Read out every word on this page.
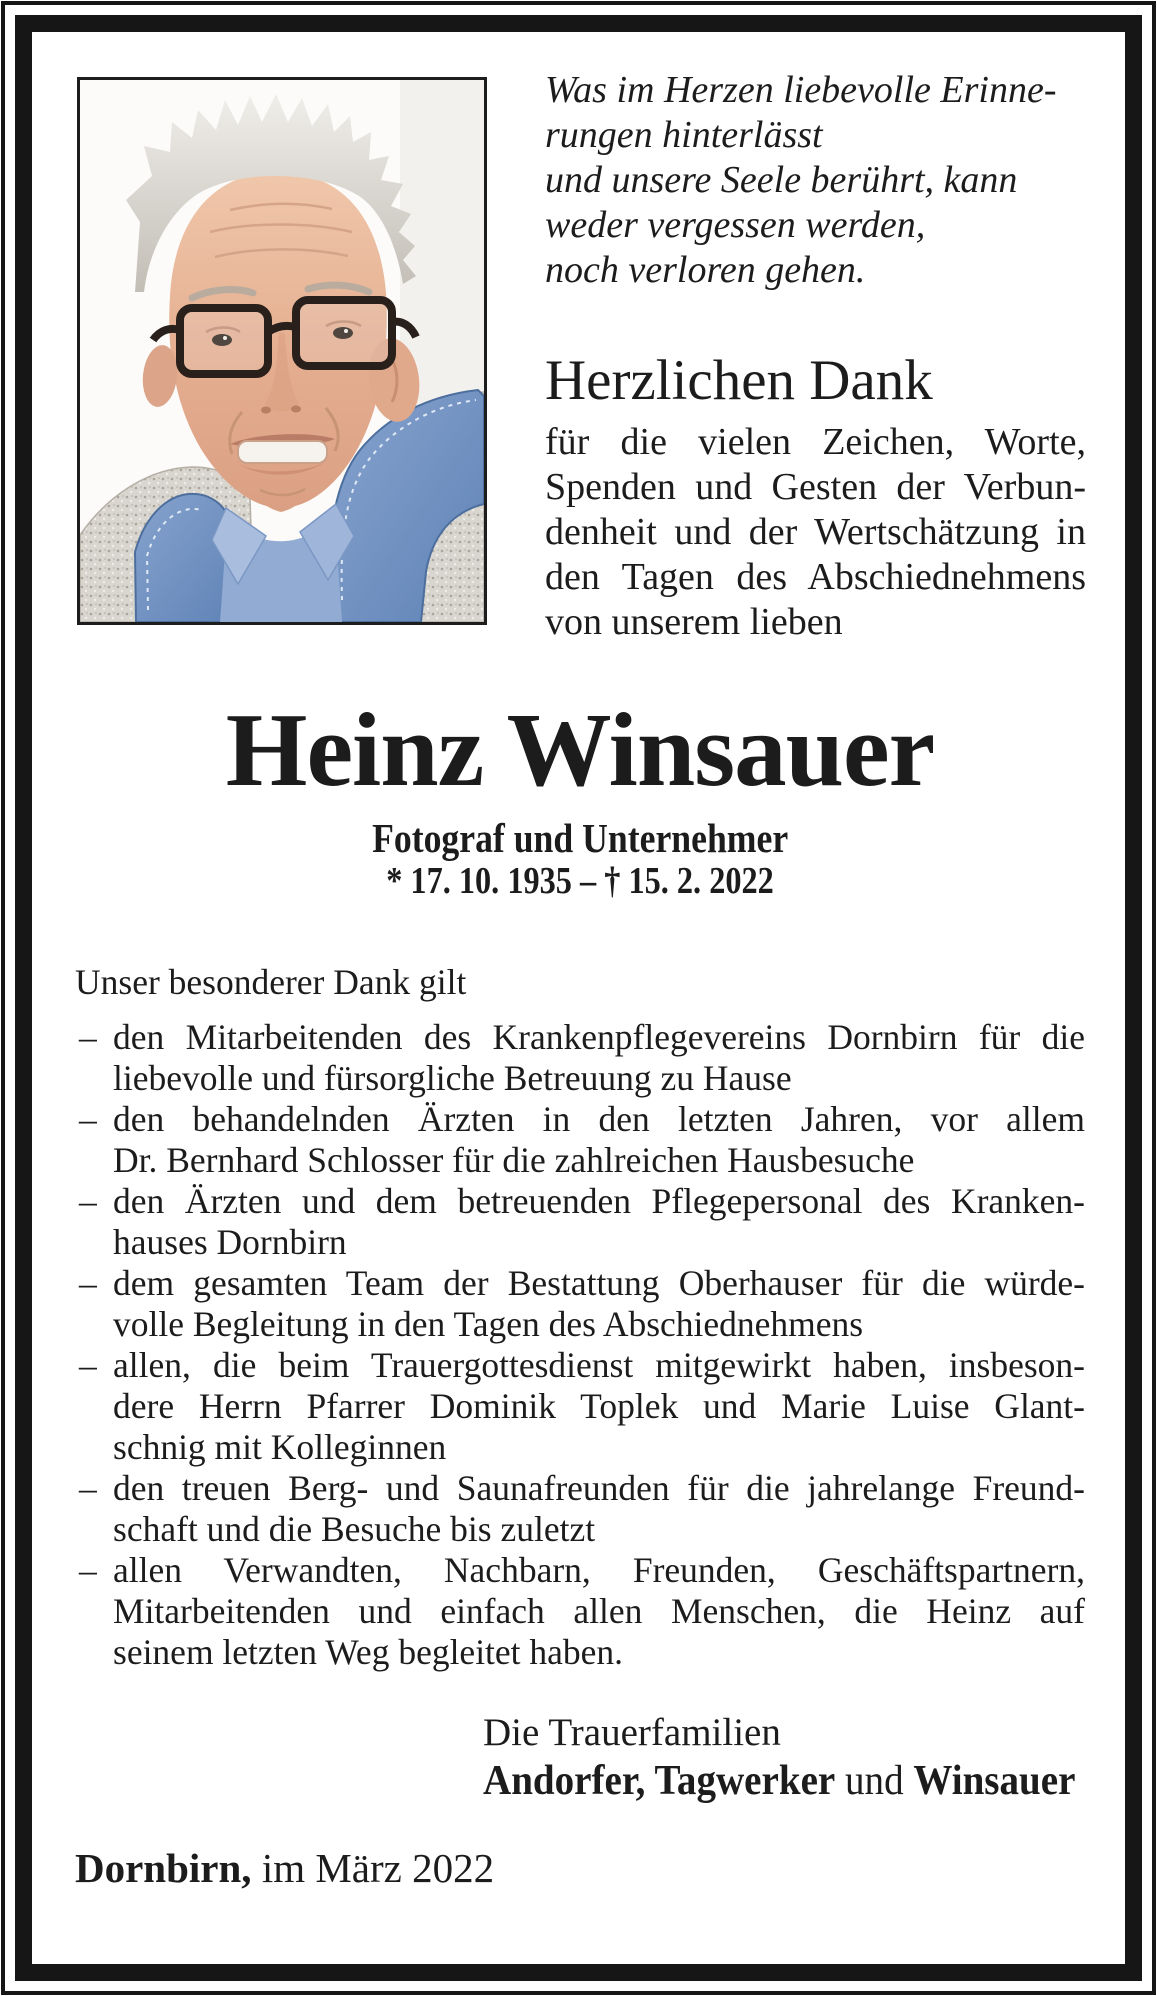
Was im Herzen liebevolle Erinne-
rungen hinterlässt
und unsere Seele berührt, kann
weder vergessen werden,
noch verloren gehen.
Herzlichen Dank
für die vielen Zeichen, Worte,
Spenden und Gesten der Verbun-
denheit und der Wertschätzung in
den Tagen des Abschiednehmens
von unserem lieben
Heinz Winsauer
Fotograf und Unternehmer
* 17. 10. 1935 – † 15. 2. 2022
Unser besonderer Dank gilt
– den Mitarbeitenden des Krankenpflegevereins Dornbirn für die
liebevolle und fürsorgliche Betreuung zu Hause
– den behandelnden Ärzten in den letzten Jahren, vor allem
Dr. Bernhard Schlosser für die zahlreichen Hausbesuche
– den Ärzten und dem betreuenden Pflegepersonal des Kranken-
hauses Dornbirn
– dem gesamten Team der Bestattung Oberhauser für die würde-
volle Begleitung in den Tagen des Abschiednehmens
– allen, die beim Trauergottesdienst mitgewirkt haben, insbeson-
dere Herrn Pfarrer Dominik Toplek und Marie Luise Glant-
schnig mit Kolleginnen
– den treuen Berg- und Saunafreunden für die jahrelange Freund-
schaft und die Besuche bis zuletzt
– allen Verwandten, Nachbarn, Freunden, Geschäftspartnern,
Mitarbeitenden und einfach allen Menschen, die Heinz auf
seinem letzten Weg begleitet haben.
Die Trauerfamilien
Andorfer, Tagwerker und Winsauer
Dornbirn, im März 2022
